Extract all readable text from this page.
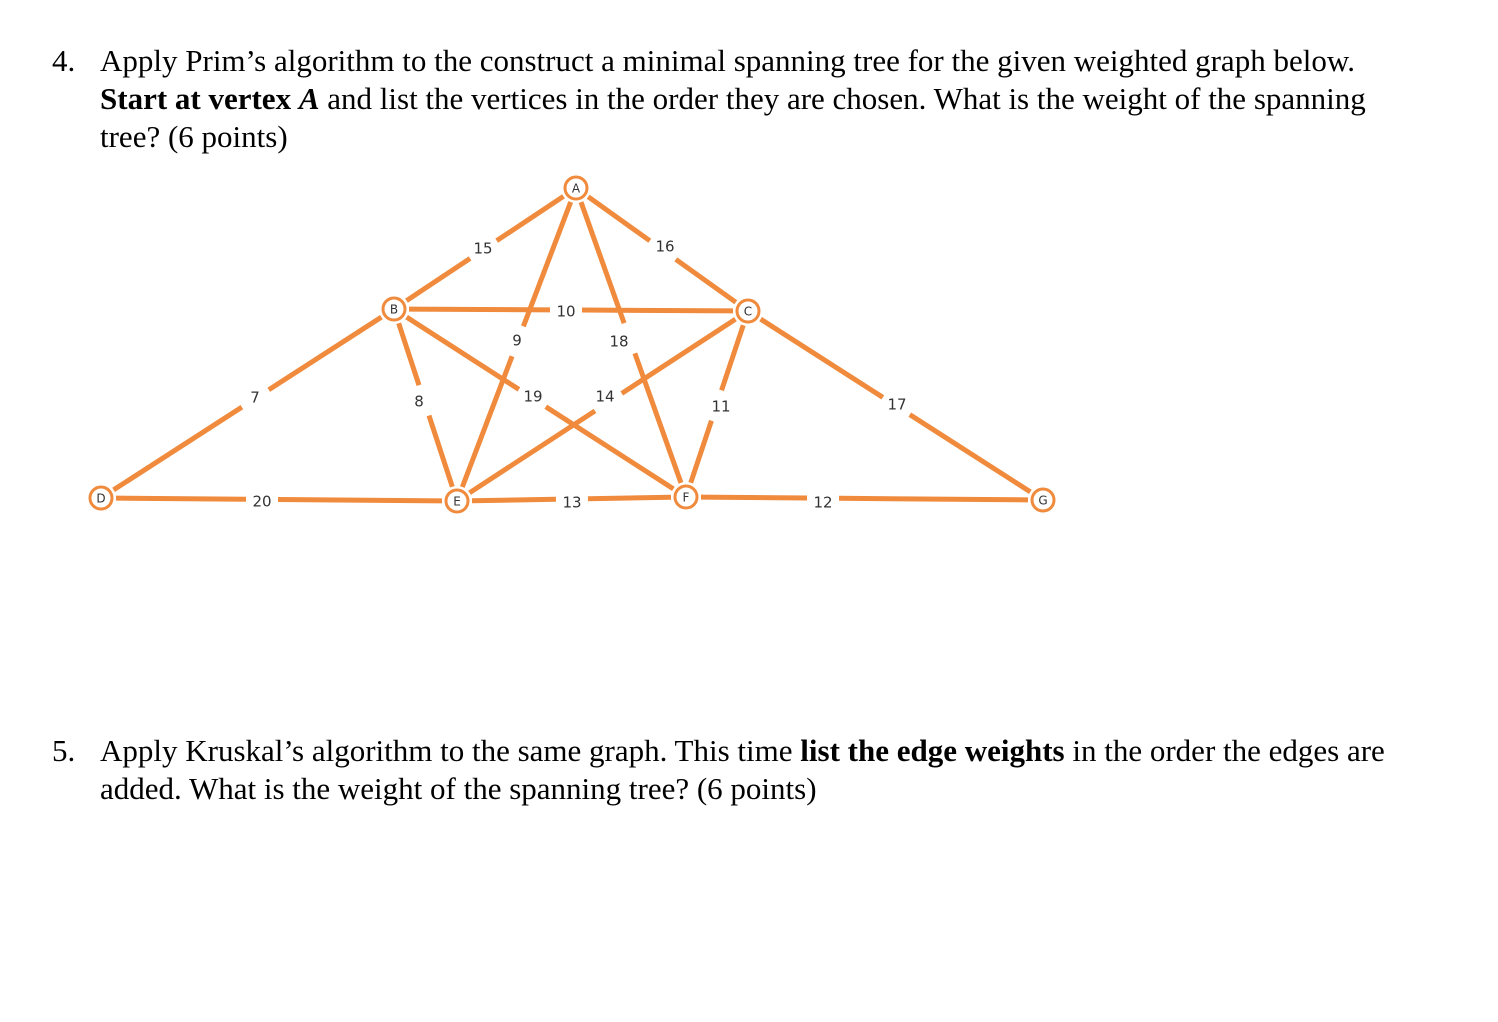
4. Apply Prim’s algorithm to the construct a minimal spanning tree for the given weighted graph below.
Start at vertex A and list the vertices in the order they are chosen. What is the weight of the spanning
tree? (6 points)
15	16
9	18
10
7	8	19	14
11	17
20	13	12
A
B	C
D	E	F	G
5. Apply Kruskal’s algorithm to the same graph. This time list the edge weights in the order the edges are
added. What is the weight of the spanning tree? (6 points)
